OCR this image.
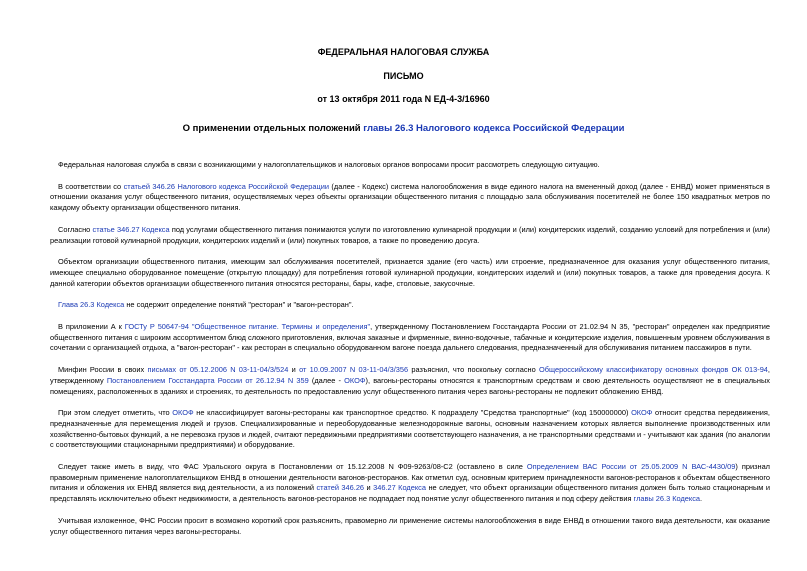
ФЕДЕРАЛЬНАЯ НАЛОГОВАЯ СЛУЖБА
ПИСЬМО
от 13 октября 2011 года N ЕД-4-3/16960
О применении отдельных положений главы 26.3 Налогового кодекса Российской Федерации

Федеральная налоговая служба в связи с возникающими у налогоплательщиков и налоговых органов вопросами просит рассмотреть следующую ситуацию.

В соответствии со статьей 346.26 Налогового кодекса Российской Федерации (далее - Кодекс) система налогообложения в виде единого налога на вмененный доход (далее - ЕНВД) может применяться в отношении оказания услуг общественного питания, осуществляемых через объекты организации общественного питания с площадью зала обслуживания посетителей не более 150 квадратных метров по каждому объекту организации общественного питания.

Согласно статье 346.27 Кодекса под услугами общественного питания понимаются услуги по изготовлению кулинарной продукции и (или) кондитерских изделий, созданию условий для потребления и (или) реализации готовой кулинарной продукции, кондитерских изделий и (или) покупных товаров, а также по проведению досуга.

Объектом организации общественного питания, имеющим зал обслуживания посетителей, признается здание (его часть) или строение, предназначенное для оказания услуг общественного питания, имеющее специально оборудованное помещение (открытую площадку) для потребления готовой кулинарной продукции, кондитерских изделий и (или) покупных товаров, а также для проведения досуга. К данной категории объектов организации общественного питания относятся рестораны, бары, кафе, столовые, закусочные.

Глава 26.3 Кодекса не содержит определение понятий "ресторан" и "вагон-ресторан".

В приложении А к ГОСТу Р 50647-94 "Общественное питание. Термины и определения", утвержденному Постановлением Госстандарта России от 21.02.94 N 35, "ресторан" определен как предприятие общественного питания с широким ассортиментом блюд сложного приготовления, включая заказные и фирменные, винно-водочные, табачные и кондитерские изделия, повышенным уровнем обслуживания в сочетании с организацией отдыха, а "вагон-ресторан" - как ресторан в специально оборудованном вагоне поезда дальнего следования, предназначенный для обслуживания питанием пассажиров в пути.

Минфин России в своих письмах от 05.12.2006 N 03-11-04/3/524 и от 10.09.2007 N 03-11-04/3/356 разъяснил, что поскольку согласно Общероссийскому классификатору основных фондов ОК 013-94, утвержденному Постановлением Госстандарта России от 26.12.94 N 359 (далее - ОКОФ), вагоны-рестораны относятся к транспортным средствам и свою деятельность осуществляют не в специальных помещениях, расположенных в зданиях и строениях, то деятельность по предоставлению услуг общественного питания через вагоны-рестораны не подлежит обложению ЕНВД.

При этом следует отметить, что ОКОФ не классифицирует вагоны-рестораны как транспортное средство. К подразделу "Средства транспортные" (код 150000000) ОКОФ относит средства передвижения, предназначенные для перемещения людей и грузов. Специализированные и переоборудованные железнодорожные вагоны, основным назначением которых является выполнение производственных или хозяйственно-бытовых функций, а не перевозка грузов и людей, считают передвижными предприятиями соответствующего назначения, а не транспортными средствами и - учитывают как здания (по аналогии с соответствующими стационарными предприятиями) и оборудование.

Следует также иметь в виду, что ФАС Уральского округа в Постановлении от 15.12.2008 N Ф09-9263/08-С2 (оставлено в силе Определением ВАС России от 25.05.2009 N ВАС-4430/09) признал правомерным применение налогоплательщиком ЕНВД в отношении деятельности вагонов-ресторанов. Как отметил суд, основным критерием принадлежности вагонов-ресторанов к объектам общественного питания и обложения их ЕНВД является вид деятельности, а из положений статей 346.26 и 346.27 Кодекса не следует, что объект организации общественного питания должен быть только стационарным и представлять исключительно объект недвижимости, а деятельность вагонов-ресторанов не подпадает под понятие услуг общественного питания и под сферу действия главы 26.3 Кодекса.

Учитывая изложенное, ФНС России просит в возможно короткий срок разъяснить, правомерно ли применение системы налогообложения в виде ЕНВД в отношении такого вида деятельности, как оказание услуг общественного питания через вагоны-рестораны.
